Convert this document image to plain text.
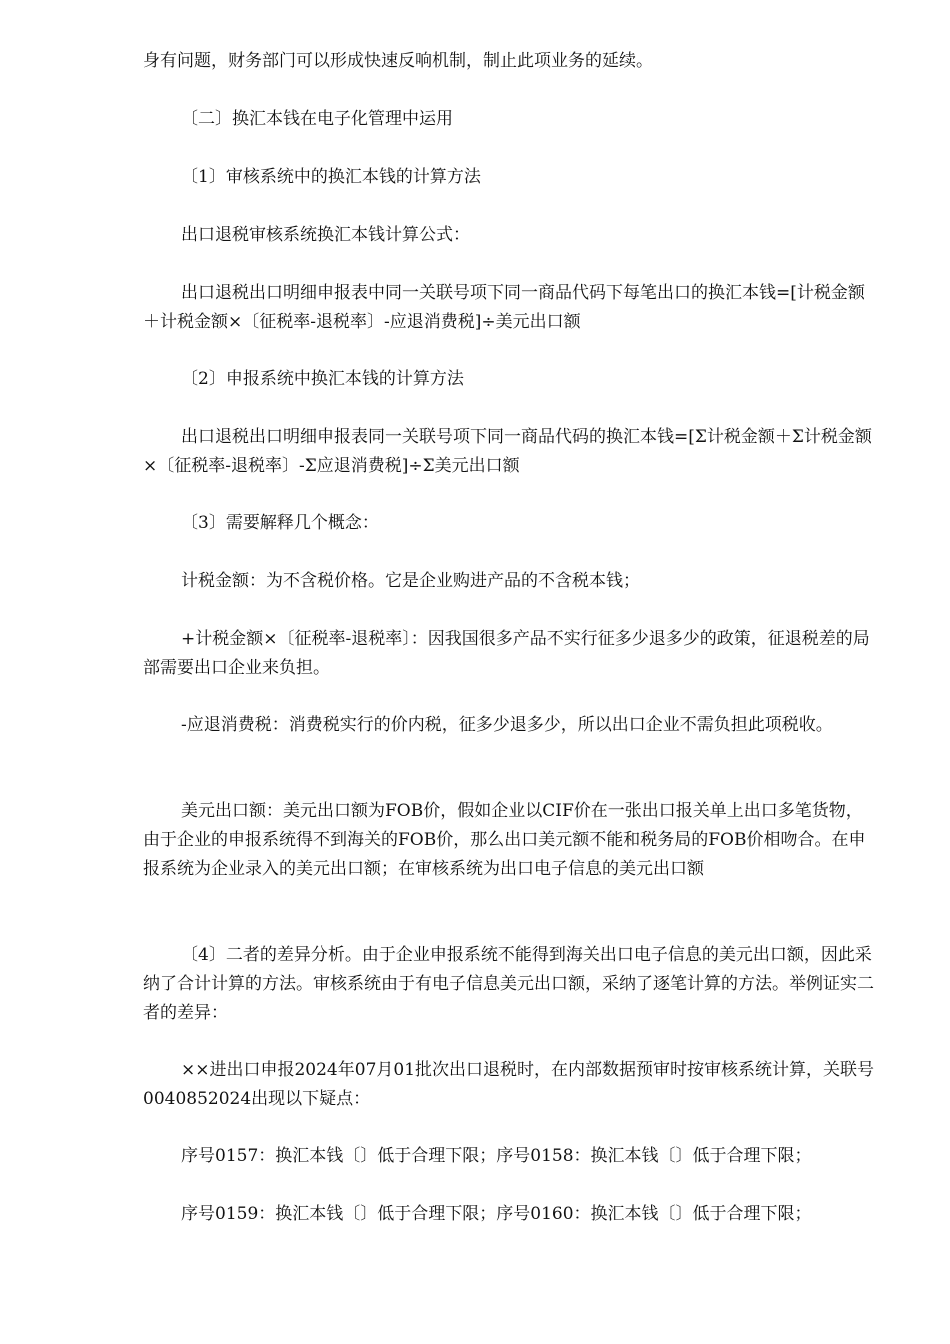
身有问题，财务部门可以形成快速反响机制，制止此项业务的延续。

〔二〕换汇本钱在电子化管理中运用

〔1〕审核系统中的换汇本钱的计算方法

出口退税审核系统换汇本钱计算公式：

出口退税出口明细申报表中同一关联号项下同一商品代码下每笔出口的换汇本钱=[计税金额＋计税金额×〔征税率-退税率〕-应退消费税]÷美元出口额

〔2〕申报系统中换汇本钱的计算方法

出口退税出口明细申报表同一关联号项下同一商品代码的换汇本钱=[Σ计税金额＋Σ计税金额×〔征税率-退税率〕-Σ应退消费税]÷Σ美元出口额

〔3〕需要解释几个概念：

计税金额：为不含税价格。它是企业购进产品的不含税本钱；

+计税金额×〔征税率-退税率〕：因我国很多产品不实行征多少退多少的政策，征退税差的局部需要出口企业来负担。

-应退消费税：消费税实行的价内税，征多少退多少，所以出口企业不需负担此项税收。

美元出口额：美元出口额为FOB价，假如企业以CIF价在一张出口报关单上出口多笔货物，由于企业的申报系统得不到海关的FOB价，那么出口美元额不能和税务局的FOB价相吻合。在申报系统为企业录入的美元出口额；在审核系统为出口电子信息的美元出口额

〔4〕二者的差异分析。由于企业申报系统不能得到海关出口电子信息的美元出口额，因此采纳了合计计算的方法。审核系统由于有电子信息美元出口额，采纳了逐笔计算的方法。举例证实二者的差异：

××进出口申报2024年07月01批次出口退税时，在内部数据预审时按审核系统计算，关联号0040852024出现以下疑点：

序号0157：换汇本钱〔〕低于合理下限；序号0158：换汇本钱〔〕低于合理下限；

序号0159：换汇本钱〔〕低于合理下限；序号0160：换汇本钱〔〕低于合理下限；
